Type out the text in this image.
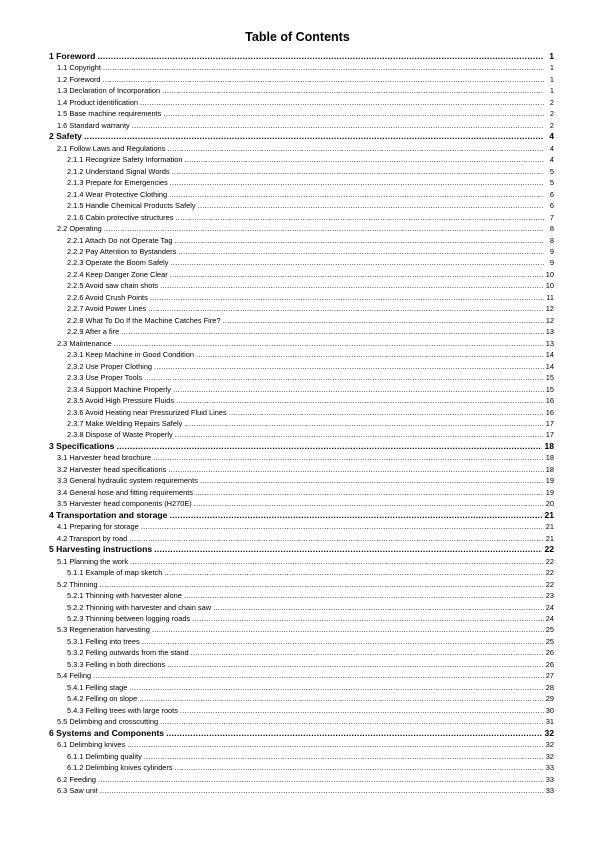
Table of Contents
1 Foreword .....	1
1.1 Copyright .....	1
1.2 Foreword .....	1
1.3 Declaration of Incorporation .....	1
1.4 Product identification .....	2
1.5 Base machine requirements .....	2
1.6 Standard warranty .....	2
2 Safety .....	4
2.1 Follow Laws and Regulations .....	4
2.1.1 Recognize Safety Information .....	4
2.1.2 Understand Signal Words .....	5
2.1.3 Prepare for Emergencies .....	5
2.1.4 Wear Protective Clothing .....	6
2.1.5 Handle Chemical Products Safely .....	6
2.1.6 Cabin protective structures .....	7
2.2 Operating .....	8
2.2.1 Attach Do not Operate Tag .....	8
2.2.2 Pay Attention to Bystanders .....	9
2.2.3 Operate the Boom Safely .....	9
2.2.4 Keep Danger Zone Clear .....	10
2.2.5 Avoid saw chain shots .....	10
2.2.6 Avoid Crush Points .....	11
2.2.7 Avoid Power Lines .....	12
2.2.8 What To Do If the Machine Catches Fire? .....	12
2.2.9 After a fire .....	13
2.3 Maintenance .....	13
2.3.1 Keep Machine in Good Condition .....	14
2.3.2 Use Proper Clothing .....	14
2.3.3 Use Proper Tools .....	15
2.3.4 Support Machine Properly .....	15
2.3.5 Avoid High Pressure Fluids .....	16
2.3.6 Avoid Heating near Pressurized Fluid Lines .....	16
2.3.7 Make Welding Repairs Safely .....	17
2.3.8 Dispose of Waste Properly .....	17
3 Specifications .....	18
3.1 Harvester head brochure .....	18
3.2 Harvester head specifications .....	18
3.3 General hydraulic system requirements .....	19
3.4 General hose and fitting requirements .....	19
3.5 Harvester head components (H270E) .....	20
4 Transportation and storage .....	21
4.1 Preparing for storage .....	21
4.2 Transport by road .....	21
5 Harvesting instructions .....	22
5.1 Planning the work .....	22
5.1.1 Example of map sketch .....	22
5.2 Thinning .....	22
5.2.1 Thinning with harvester alone .....	23
5.2.2 Thinning with harvester and chain saw .....	24
5.2.3 Thinning between logging roads .....	24
5.3 Regeneration harvesting .....	25
5.3.1 Felling into trees .....	25
5.3.2 Felling outwards from the stand .....	26
5.3.3 Felling in both directions .....	26
5.4 Felling .....	27
5.4.1 Felling stage .....	28
5.4.2 Felling on slope .....	29
5.4.3 Felling trees with large roots .....	30
5.5 Delimbing and crosscutting .....	31
6 Systems and Components .....	32
6.1 Delimbing knives .....	32
6.1.1 Delimbing quality .....	32
6.1.2 Delimbing knives cylinders .....	33
6.2 Feeding .....	33
6.3 Saw unit .....	33
